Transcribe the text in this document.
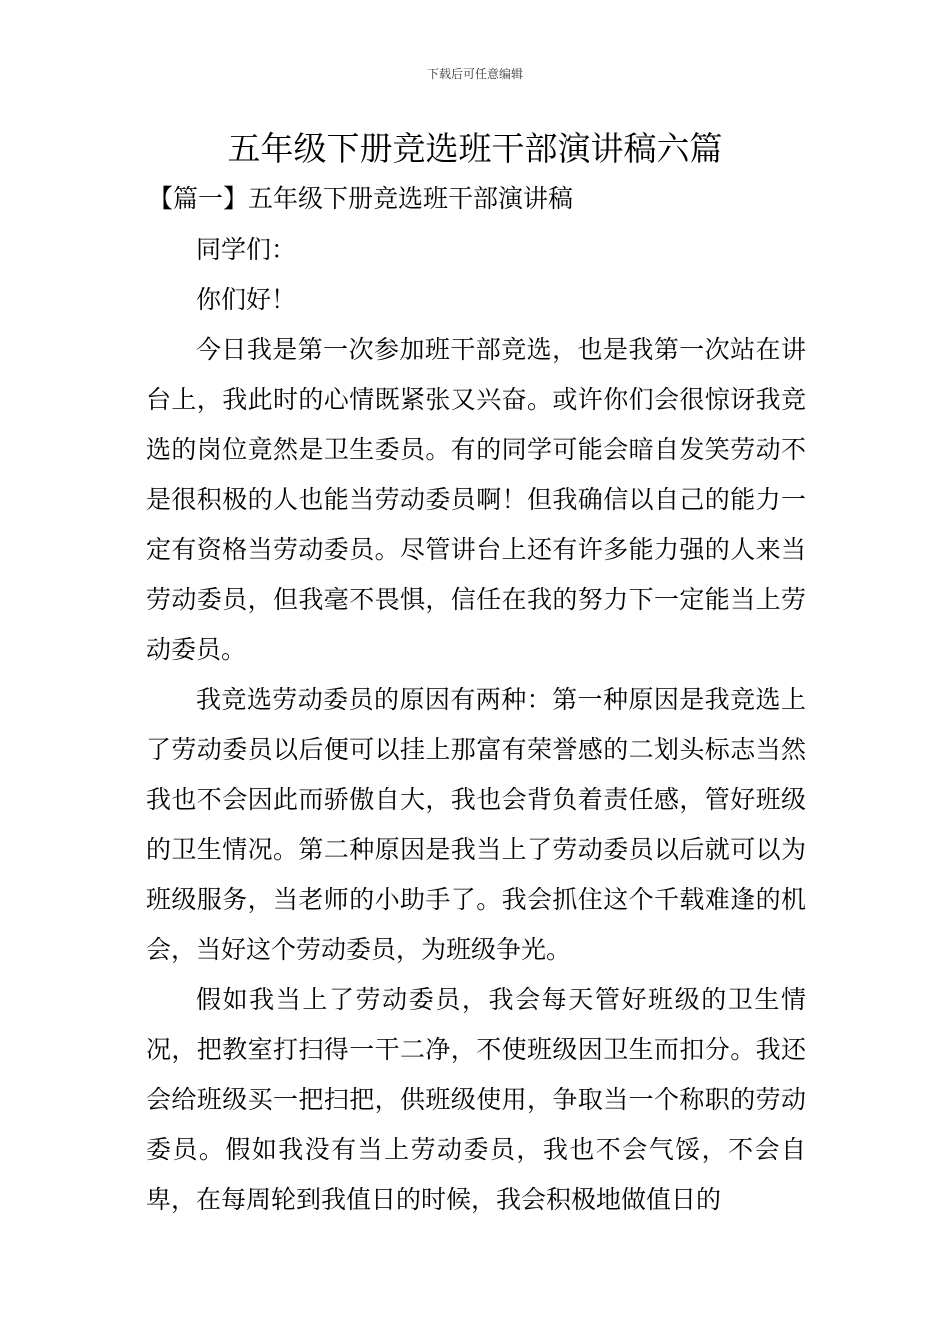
下载后可任意编辑
五年级下册竞选班干部演讲稿六篇
【篇一】五年级下册竞选班干部演讲稿

同学们：

你们好！

今日我是第一次参加班干部竞选，也是我第一次站在讲台上，我此时的心情既紧张又兴奋。或许你们会很惊讶我竞选的岗位竟然是卫生委员。有的同学可能会暗自发笑劳动不是很积极的人也能当劳动委员啊！但我确信以自己的能力一定有资格当劳动委员。尽管讲台上还有许多能力强的人来当劳动委员，但我毫不畏惧，信任在我的努力下一定能当上劳动委员。

我竞选劳动委员的原因有两种：第一种原因是我竞选上了劳动委员以后便可以挂上那富有荣誉感的二划头标志当然我也不会因此而骄傲自大，我也会背负着责任感，管好班级的卫生情况。第二种原因是我当上了劳动委员以后就可以为班级服务，当老师的小助手了。我会抓住这个千载难逢的机会，当好这个劳动委员，为班级争光。

假如我当上了劳动委员，我会每天管好班级的卫生情况，把教室打扫得一干二净，不使班级因卫生而扣分。我还会给班级买一把扫把，供班级使用，争取当一个称职的劳动委员。假如我没有当上劳动委员，我也不会气馁，不会自卑，在每周轮到我值日的时候，我会积极地做值日的
